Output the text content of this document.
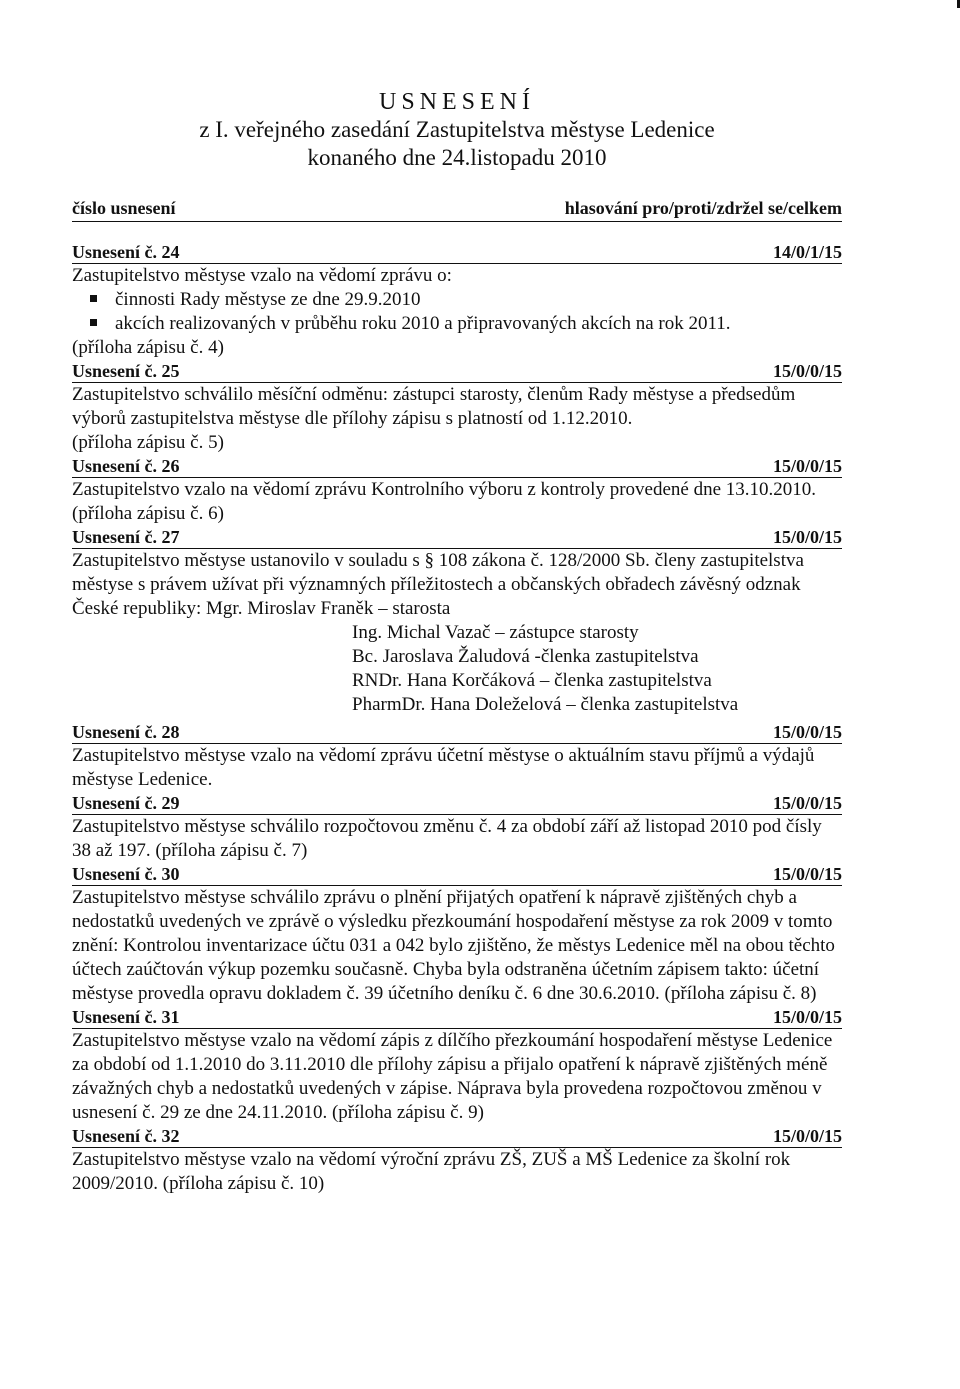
USNESENÍ
z I. veřejného zasedání Zastupitelstva městyse Ledenice
konaného dne 24.listopadu 2010
číslo usnesení	hlasování pro/proti/zdržel se/celkem
Usnesení č. 24	14/0/1/15

Zastupitelstvo městyse vzalo na vědomí zprávu o:

činnosti Rady městyse ze dne 29.9.2010
akcích realizovaných v průběhu roku 2010 a připravovaných akcích na rok 2011.

(příloha zápisu č. 4)

Usnesení č. 25	15/0/0/15

Zastupitelstvo schválilo měsíční odměnu: zástupci starosty, členům Rady městyse a předsedům výborů zastupitelstva městyse dle přílohy zápisu s platností od 1.12.2010.

(příloha zápisu č. 5)

Usnesení č. 26	15/0/0/15

Zastupitelstvo vzalo na vědomí zprávu Kontrolního výboru z kontroly provedené dne 13.10.2010. (příloha zápisu č. 6)

Usnesení č. 27	15/0/0/15

Zastupitelstvo městyse ustanovilo v souladu s § 108 zákona č. 128/2000 Sb. členy zastupitelstva městyse s právem užívat při významných příležitostech a občanských obřadech závěsný odznak České republiky: Mgr. Miroslav Franěk – starosta

Ing. Michal Vazač – zástupce starosty
Bc. Jaroslava Žaludová -členka zastupitelstva
RNDr. Hana Korčáková – členka zastupitelstva
PharmDr. Hana Doleželová – členka zastupitelstva
Usnesení č. 28	15/0/0/15

Zastupitelstvo městyse vzalo na vědomí zprávu účetní městyse o aktuálním stavu příjmů a výdajů městyse Ledenice.

Usnesení č. 29	15/0/0/15

Zastupitelstvo městyse schválilo rozpočtovou změnu č. 4 za období září až listopad 2010 pod čísly 38 až 197. (příloha zápisu č. 7)

Usnesení č. 30	15/0/0/15

Zastupitelstvo městyse schválilo zprávu o plnění přijatých opatření k nápravě zjištěných chyb a nedostatků uvedených ve zprávě o výsledku přezkoumání hospodaření městyse za rok 2009 v tomto znění: Kontrolou inventarizace účtu 031 a 042 bylo zjištěno, že městys Ledenice měl na obou těchto účtech zaúčtován výkup pozemku současně. Chyba byla odstraněna účetním zápisem takto: účetní městyse provedla opravu dokladem č. 39 účetního deníku č. 6 dne 30.6.2010. (příloha zápisu č. 8)

Usnesení č. 31	15/0/0/15

Zastupitelstvo městyse vzalo na vědomí zápis z dílčího přezkoumání hospodaření městyse Ledenice za období od 1.1.2010 do 3.11.2010 dle přílohy zápisu a přijalo opatření k nápravě zjištěných méně závažných chyb a nedostatků uvedených v zápise. Náprava byla provedena rozpočtovou změnou v usnesení č. 29 ze dne 24.11.2010. (příloha zápisu č. 9)

Usnesení č. 32	15/0/0/15

Zastupitelstvo městyse vzalo na vědomí výroční zprávu ZŠ, ZUŠ a MŠ Ledenice za školní rok 2009/2010. (příloha zápisu č. 10)
